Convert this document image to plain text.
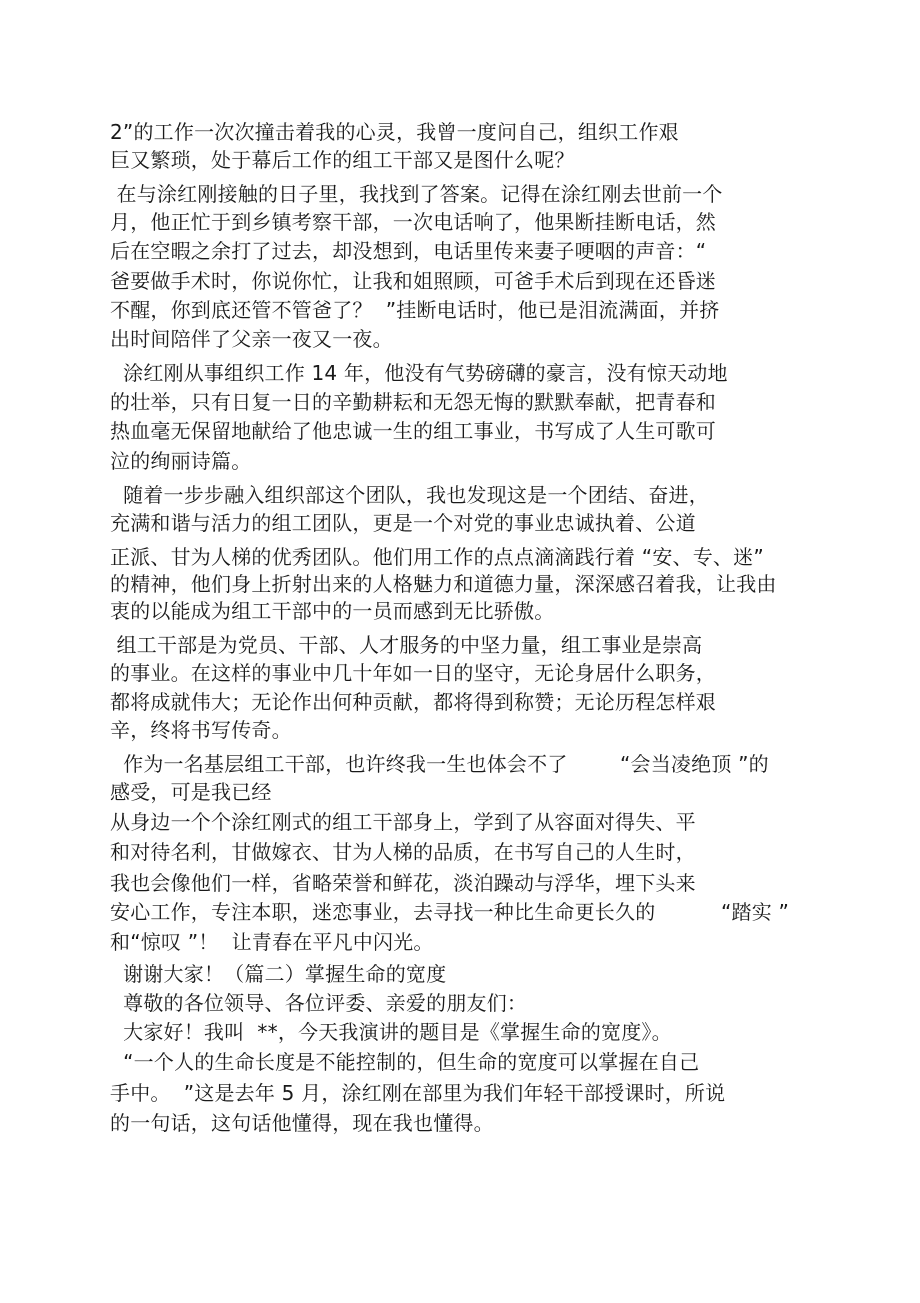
2”的工作一次次撞击着我的心灵，我曾一度问自己，组织工作艰
巨又繁琐，处于幕后工作的组工干部又是图什么呢？
在与涂红刚接触的日子里，我找到了答案。记得在涂红刚去世前一个
月，他正忙于到乡镇考察干部，一次电话响了，他果断挂断电话，然
后在空暇之余打了过去，却没想到，电话里传来妻子哽咽的声音：“
爸要做手术时，你说你忙，让我和姐照顾，可爸手术后到现在还昏迷
不醒，你到底还管不管爸了？  ”挂断电话时，他已是泪流满面，并挤
出时间陪伴了父亲一夜又一夜。
涂红刚从事组织工作 14 年，他没有气势磅礴的豪言，没有惊天动地
的壮举，只有日复一日的辛勤耕耘和无怨无悔的默默奉献，把青春和
热血毫无保留地献给了他忠诚一生的组工事业，书写成了人生可歌可
泣的绚丽诗篇。
随着一步步融入组织部这个团队，我也发现这是一个团结、奋进，
充满和谐与活力的组工团队，更是一个对党的事业忠诚执着、公道
正派、甘为人梯的优秀团队。他们用工作的点点滴滴践行着 “安、专、迷”
的精神，他们身上折射出来的人格魅力和道德力量，深深感召着我，让我由
衷的以能成为组工干部中的一员而感到无比骄傲。
组工干部是为党员、干部、人才服务的中坚力量，组工事业是崇高
的事业。在这样的事业中几十年如一日的坚守，无论身居什么职务，
都将成就伟大；无论作出何种贡献，都将得到称赞；无论历程怎样艰
辛，终将书写传奇。
作为一名基层组工干部，也许终我一生也体会不了        “会当凌绝顶 ”的
感受，可是我已经
从身边一个个涂红刚式的组工干部身上，学到了从容面对得失、平
和对待名利，甘做嫁衣、甘为人梯的品质，在书写自己的人生时，
我也会像他们一样，省略荣誉和鲜花，淡泊躁动与浮华，埋下头来
安心工作，专注本职，迷恋事业，去寻找一种比生命更长久的          “踏实 ”
和“惊叹 ”！  让青春在平凡中闪光。
谢谢大家！（篇二）掌握生命的宽度
尊敬的各位领导、各位评委、亲爱的朋友们：
大家好！我叫  **，今天我演讲的题目是《掌握生命的宽度》。
“一个人的生命长度是不能控制的，但生命的宽度可以掌握在自己
手中。  ”这是去年 5 月，涂红刚在部里为我们年轻干部授课时，所说
的一句话，这句话他懂得，现在我也懂得。
